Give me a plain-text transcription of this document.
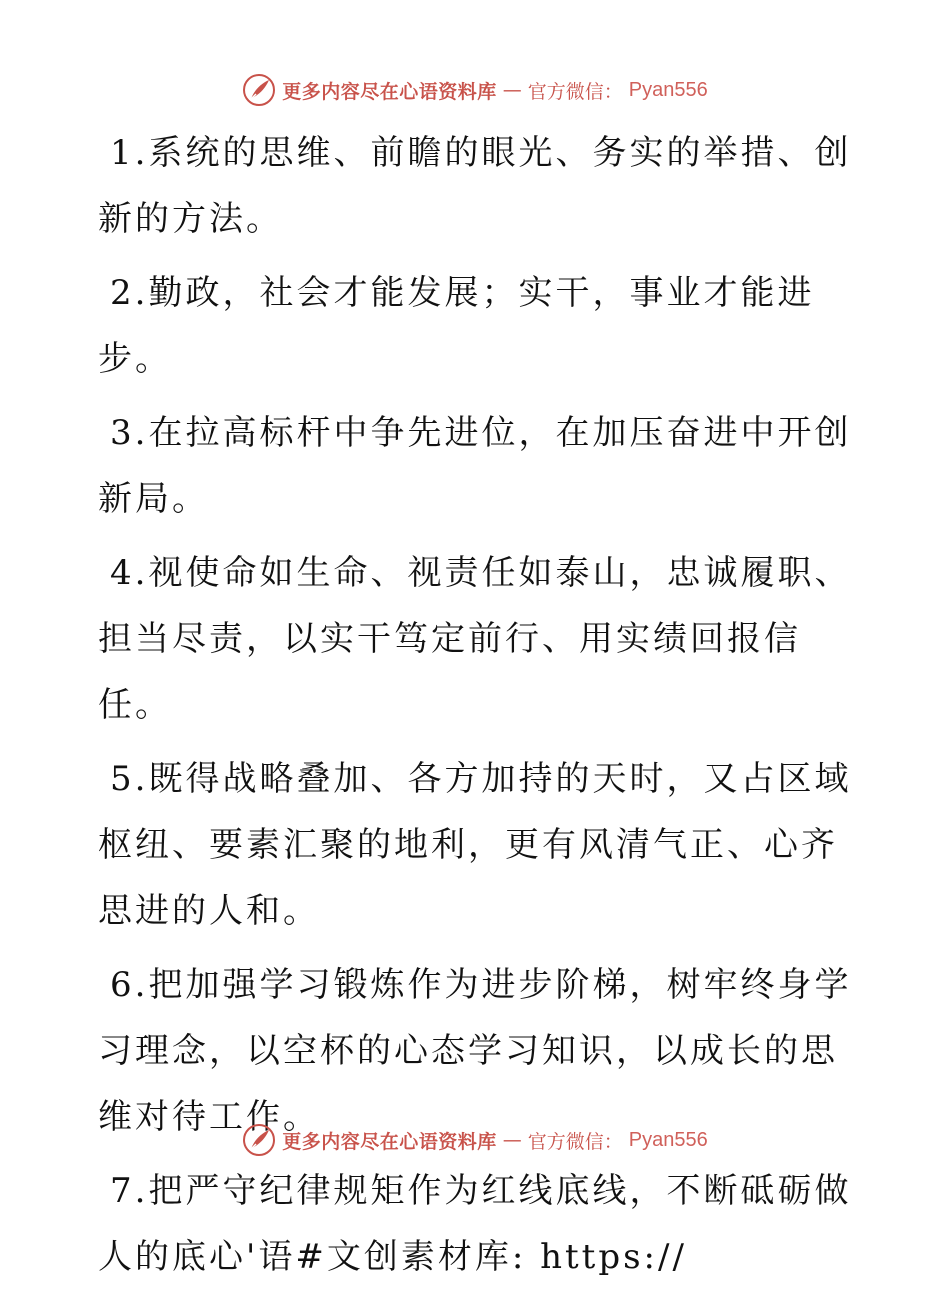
更多内容尽在心语资料库 — 官方微信： Pyan556

1.系统的思维、前瞻的眼光、务实的举措、创新的方法。

2.勤政，社会才能发展；实干，事业才能进步。

3.在拉高标杆中争先进位，在加压奋进中开创新局。

4.视使命如生命、视责任如泰山，忠诚履职、担当尽责，以实干笃定前行、用实绩回报信任。

5.既得战略叠加、各方加持的天时，又占区域枢纽、要素汇聚的地利，更有风清气正、心齐思进的人和。

6.把加强学习锻炼作为进步阶梯，树牢终身学习理念，以空杯的心态学习知识，以成长的思维对待工作。

7.把严守纪律规矩作为红线底线，不断砥砺做人的底心'语#文创素材库: https://

更多内容尽在心语资料库 — 官方微信： Pyan556
